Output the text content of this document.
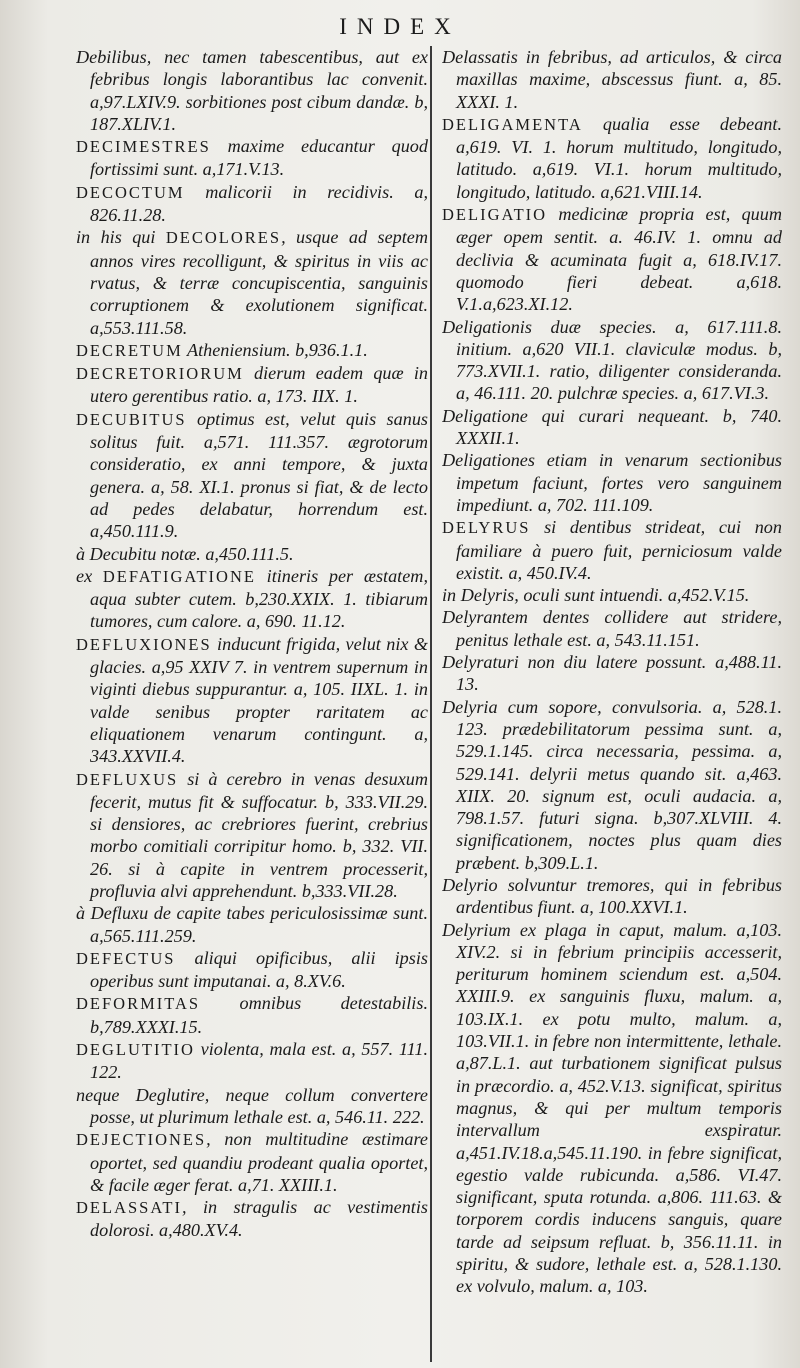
INDEX

Debilibus, nec tamen tabescentibus, aut ex febribus longis laborantibus lac convenit. a,97.LXIV.9. sorbitiones post cibum dandæ. b, 187.XLIV.1.

DECIMESTRES maxime educantur quod fortissimi sunt. a,171.V.13.

DECOCTUM malicorii in recidivis. a, 826.11.28.

in his qui DECOLORES, usque ad septem annos vires recolligunt, & spiritus in viis ac rvatus, & terræ concupiscentia, sanguinis corruptionem & exolutionem significat. a,553.111.58.

DECRETUM Atheniensium. b,936.1.1.

DECRETORIORUM dierum eadem quæ in utero gerentibus ratio. a, 173. IIX. 1.

DECUBITUS optimus est, velut quis sanus solitus fuit. a,571. 111.357. ægrotorum consideratio, ex anni tempore, & juxta genera. a, 58. XI.1. pronus si fiat, & de lecto ad pedes delabatur, horrendum est. a,450.111.9.

à Decubitu notæ. a,450.111.5.

ex DEFATIGATIONE itineris per æstatem, aqua subter cutem. b,230.XXIX. 1. tibiarum tumores, cum calore. a, 690. 11.12.

DEFLUXIONES inducunt frigida, velut nix & glacies. a,95 XXIV 7. in ventrem supernum in viginti diebus suppurantur. a, 105. IIXL. 1. in valde senibus propter raritatem ac eliquationem venarum contingunt. a, 343.XXVII.4.

DEFLUXUS si à cerebro in venas desuxum fecerit, mutus fit & suffocatur. b, 333.VII.29. si densiores, ac crebriores fuerint, crebrius morbo comitiali corripitur homo. b, 332. VII. 26. si à capite in ventrem processerit, profluvia alvi apprehendunt. b,333.VII.28.

à Defluxu de capite tabes periculosissimæ sunt. a,565.111.259.

DEFECTUS aliqui opificibus, alii ipsis operibus sunt imputanai. a, 8.XV.6.

DEFORMITAS omnibus detestabilis. b,789.XXXI.15.

DEGLUTITIO violenta, mala est. a, 557. 111. 122.

neque Deglutire, neque collum convertere posse, ut plurimum lethale est. a, 546.11. 222.

DEJECTIONES, non multitudine æstimare oportet, sed quandiu prodeant qualia oportet, & facile æger ferat. a,71. XXIII.1.

DELASSATI, in stragulis ac vestimentis dolorosi. a,480.XV.4.

Delassatis in febribus, ad articulos, & circa maxillas maxime, abscessus fiunt. a, 85. XXXI. 1.

DELIGAMENTA qualia esse debeant. a,619. VI. 1. horum multitudo, longitudo, latitudo. a,619. VI.1. horum multitudo, longitudo, latitudo. a,621.VIII.14.

DELIGATIO medicinæ propria est, quum æger opem sentit. a. 46.IV. 1. omnu ad declivia & acuminata fugit a, 618.IV.17. quomodo fieri debeat. a,618. V.1.a,623.XI.12.

Deligationis duæ species. a, 617.111.8. initium. a,620 VII.1. claviculæ modus. b, 773.XVII.1. ratio, diligenter consideranda. a, 46.111. 20. pulchræ species. a, 617.VI.3.

Deligatione qui curari nequeant. b, 740. XXXII.1.

Deligationes etiam in venarum sectionibus impetum faciunt, fortes vero sanguinem impediunt. a, 702. 111.109.

DELYRUS si dentibus strideat, cui non familiare à puero fuit, perniciosum valde existit. a, 450.IV.4.

in Delyris, oculi sunt intuendi. a,452.V.15.

Delyrantem dentes collidere aut stridere, penitus lethale est. a, 543.11.151.

Delyraturi non diu latere possunt. a,488.11. 13.

Delyria cum sopore, convulsoria. a, 528.1. 123. prædebilitatorum pessima sunt. a, 529.1.145. circa necessaria, pessima. a, 529.141. delyrii metus quando sit. a,463. XIIX. 20. signum est, oculi audacia. a, 798.1.57. futuri signa. b,307.XLVIII. 4. significationem, noctes plus quam dies præbent. b,309.L.1.

Delyrio solvuntur tremores, qui in febribus ardentibus fiunt. a, 100.XXVI.1.

Delyrium ex plaga in caput, malum. a,103. XIV.2. si in febrium principiis accesserit, periturum hominem sciendum est. a,504. XXIII.9. ex sanguinis fluxu, malum. a, 103.IX.1. ex potu multo, malum. a, 103.VII.1. in febre non intermittente, lethale. a,87.L.1. aut turbationem significat pulsus in præcordio. a, 452.V.13. significat, spiritus magnus, & qui per multum temporis intervallum exspiratur. a,451.IV.18.a,545.11.190. in febre significat, egestio valde rubicunda. a,586. VI.47. significant, sputa rotunda. a,806. 111.63. & torporem cordis inducens sanguis, quare tarde ad seipsum refluat. b, 356.11.11. in spiritu, & sudore, lethale est. a, 528.1.130. ex volvulo, malum. a, 103.
